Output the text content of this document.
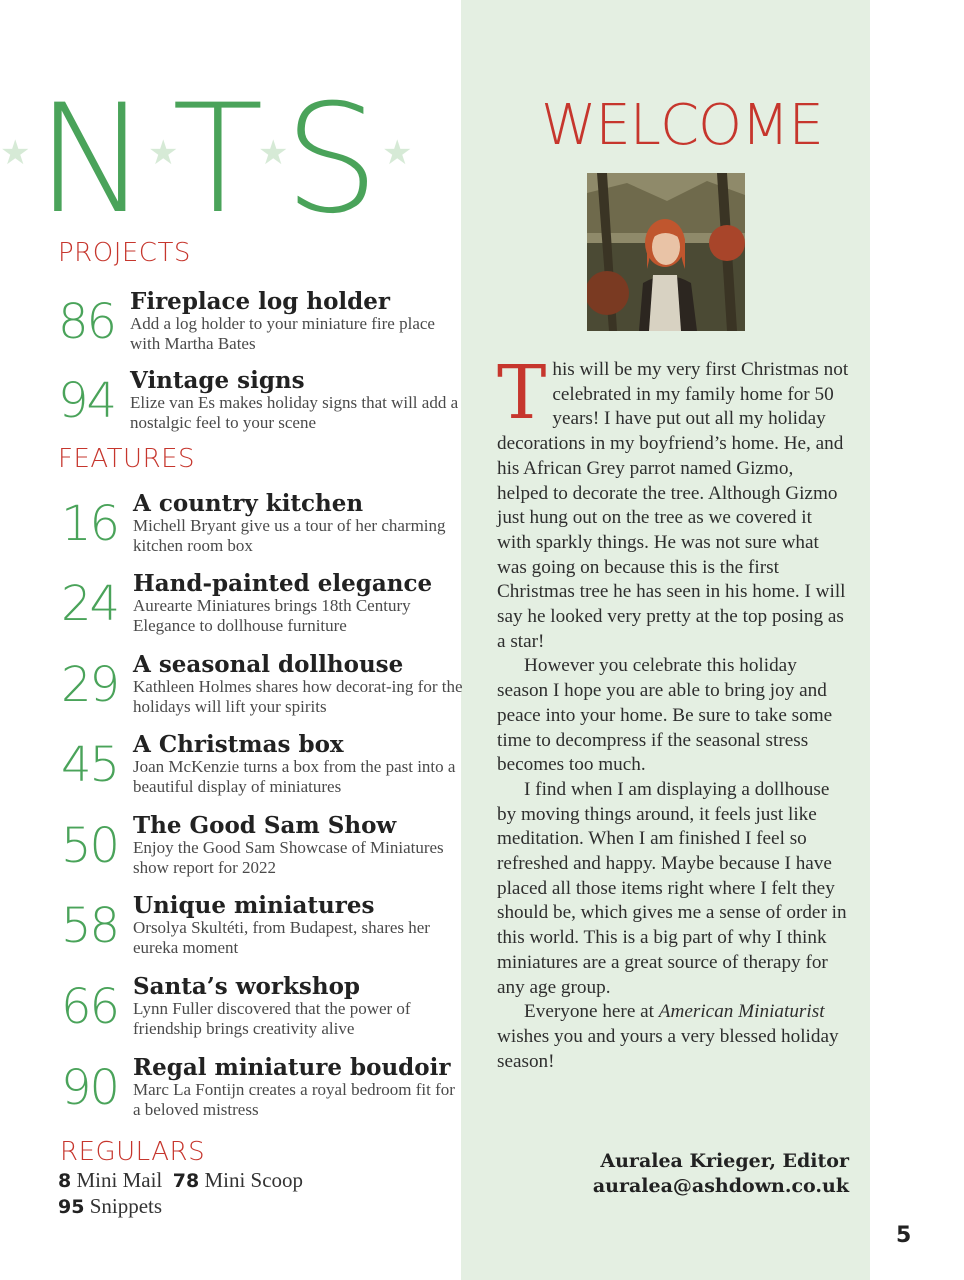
N T S
★	★ ★	★
PROJECTS
86 Fireplace log holder
Add a log holder to your miniature fire place with Martha Bates
94 Vintage signs
Elize van Es makes holiday signs that will add a nostalgic feel to your scene
FEATURES
16 A country kitchen
Michell Bryant give us a tour of her charming kitchen room box
24 Hand-painted elegance
Aurearte Miniatures brings 18th Century Elegance to dollhouse furniture
29 A seasonal dollhouse
Kathleen Holmes shares how decorat-ing for the holidays will lift your spirits
45 A Christmas box
Joan McKenzie turns a box from the past into a beautiful display of miniatures
50 The Good Sam Show
Enjoy the Good Sam Showcase of Miniatures show report for 2022
58 Unique miniatures
Orsolya Skultéti, from Budapest, shares her eureka moment
66 Santa’s workshop
Lynn Fuller discovered that the power of friendship brings creativity alive
90 Regal miniature boudoir
Marc La Fontijn creates a royal bedroom fit for a beloved mistress
REGULARS
8 Mini Mail 78 Mini Scoop
95 Snippets
WELCOME

This will be my very first Christmas not celebrated in my family home for 50 years! I have put out all my holiday decorations in my boyfriend’s home. He, and his African Grey parrot named Gizmo, helped to decorate the tree. Although Gizmo just hung out on the tree as we covered it with sparkly things. He was not sure what was going on because this is the first Christmas tree he has seen in his home. I will say he looked very pretty at the top posing as a star!

However you celebrate this holiday season I hope you are able to bring joy and peace into your home. Be sure to take some time to decompress if the seasonal stress becomes too much.

I find when I am displaying a dollhouse by moving things around, it feels just like meditation. When I am finished I feel so refreshed and happy. Maybe because I have placed all those items right where I felt they should be, which gives me a sense of order in this world. This is a big part of why I think miniatures are a great source of therapy for any age group.

Everyone here at American Miniaturist wishes you and yours a very blessed holiday season!

Auralea Krieger, Editor
auralea@ashdown.co.uk
5
